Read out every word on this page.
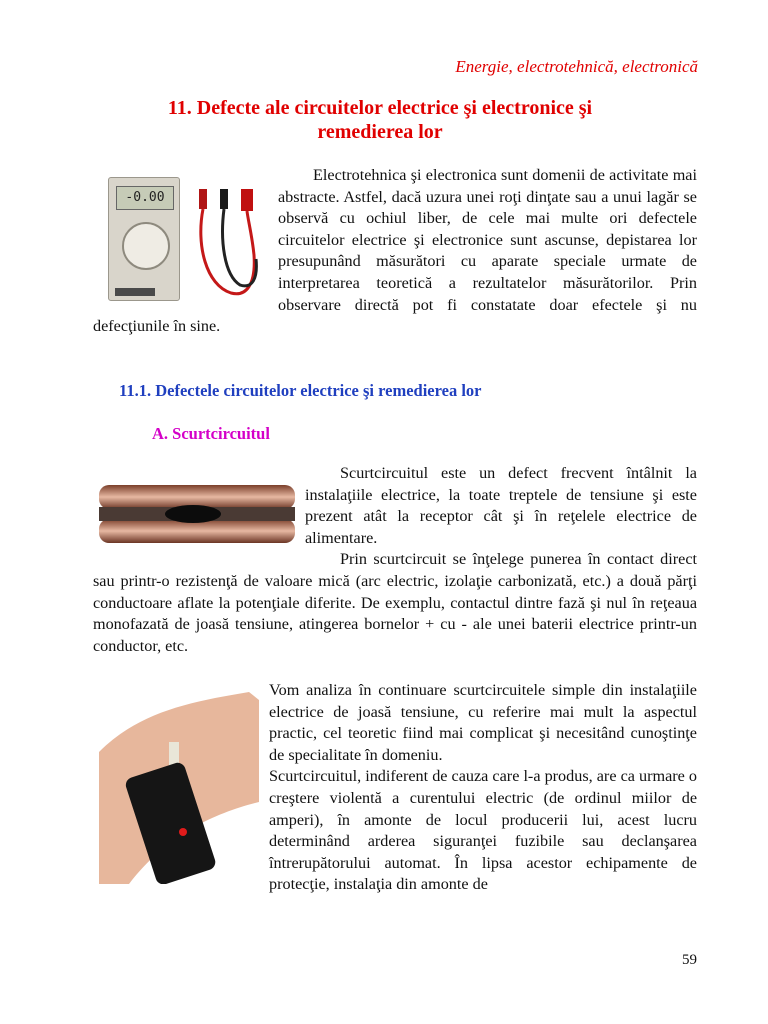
Energie, electrotehnică, electronică
11. Defecte ale circuitelor electrice şi electronice şi
remedierea lor
-0.00
Electrotehnica şi electronica sunt domenii de activitate mai abstracte. Astfel, dacă uzura unei roţi dinţate sau a unui lagăr se observă cu ochiul liber, de cele mai multe ori defectele circuitelor electrice şi electronice sunt ascunse, depistarea lor presupunând măsurători cu aparate speciale urmate de interpretarea teoretică a rezultatelor măsurătorilor. Prin observare directă pot fi constatate doar efectele şi nu defecţiunile în sine.
11.1. Defectele circuitelor electrice şi remedierea lor
A. Scurtcircuitul
Scurtcircuitul este un defect frecvent întâlnit la instalaţiile electrice, la toate treptele de tensiune şi este prezent atât la receptor cât şi în reţelele electrice de alimentare.
Prin scurtcircuit se înţelege punerea în contact direct sau printr-o rezistenţă de valoare mică (arc electric, izolaţie carbonizată, etc.) a două părţi conductoare aflate la potenţiale diferite. De exemplu, contactul dintre fază şi nul în reţeaua monofazată de joasă tensiune, atingerea bornelor + cu - ale unei baterii electrice printr-un conductor, etc.
Vom analiza în continuare scurtcircuitele simple din instalaţiile electrice de joasă tensiune, cu referire mai mult la aspectul practic, cel teoretic fiind mai complicat şi necesitând cunoştinţe de specialitate în domeniu.
Scurtcircuitul, indiferent de cauza care l-a produs, are ca urmare o creştere violentă a curentului electric (de ordinul miilor de amperi), în amonte de locul producerii lui, acest lucru determinând arderea siguranţei fuzibile sau declanşarea întrerupătorului automat. În lipsa acestor echipamente de protecţie, instalaţia din amonte de
59
